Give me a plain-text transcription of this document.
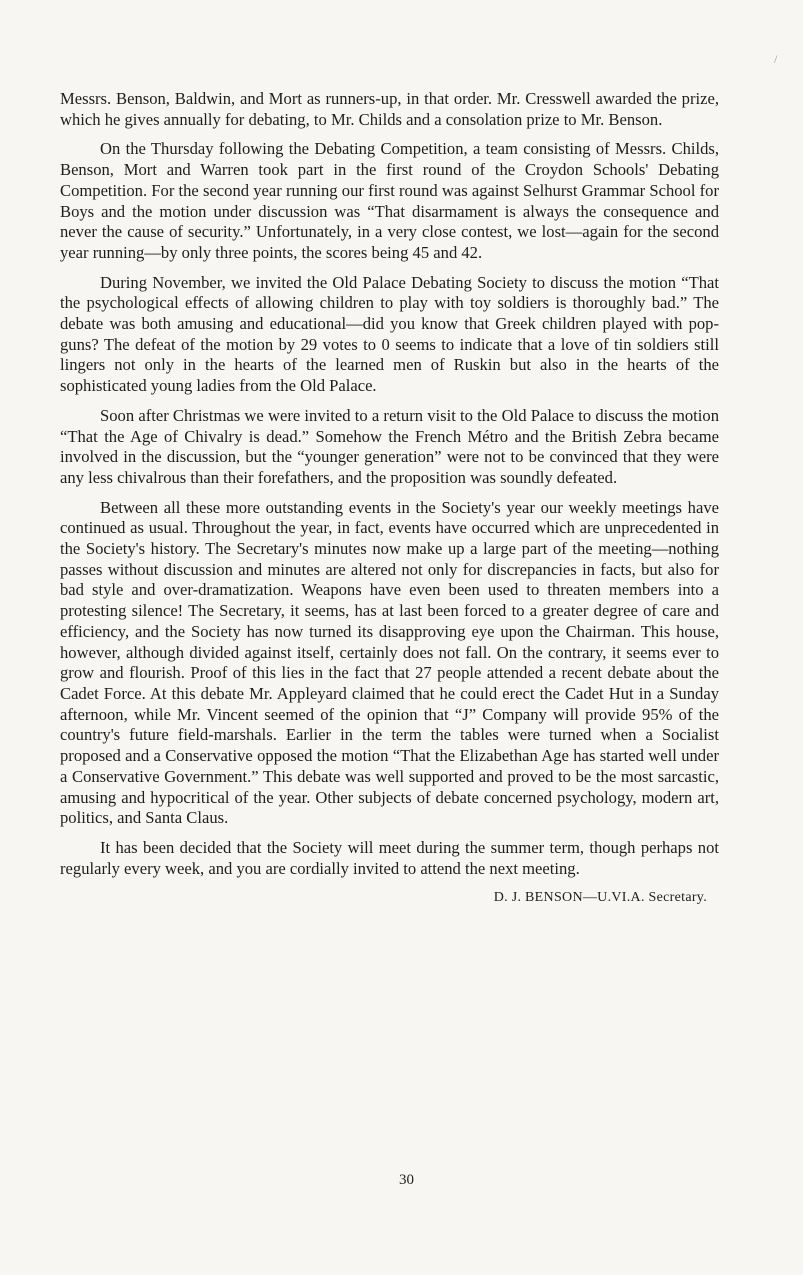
/

Messrs. Benson, Baldwin, and Mort as runners-up, in that order. Mr. Cresswell awarded the prize, which he gives annually for debating, to Mr. Childs and a consolation prize to Mr. Benson.

On the Thursday following the Debating Competition, a team consisting of Messrs. Childs, Benson, Mort and Warren took part in the first round of the Croydon Schools' Debating Competition. For the second year running our first round was against Selhurst Grammar School for Boys and the motion under discussion was “That disarmament is always the consequence and never the cause of security.” Unfortunately, in a very close contest, we lost—again for the second year running—by only three points, the scores being 45 and 42.

During November, we invited the Old Palace Debating Society to discuss the motion “That the psychological effects of allowing children to play with toy soldiers is thoroughly bad.” The debate was both amusing and educational—did you know that Greek children played with pop-guns? The defeat of the motion by 29 votes to 0 seems to indicate that a love of tin soldiers still lingers not only in the hearts of the learned men of Ruskin but also in the hearts of the sophisticated young ladies from the Old Palace.

Soon after Christmas we were invited to a return visit to the Old Palace to discuss the motion “That the Age of Chivalry is dead.” Somehow the French Métro and the British Zebra became involved in the discussion, but the “younger generation” were not to be convinced that they were any less chivalrous than their forefathers, and the proposition was soundly defeated.

Between all these more outstanding events in the Society's year our weekly meetings have continued as usual. Throughout the year, in fact, events have occurred which are unprecedented in the Society's history. The Secretary's minutes now make up a large part of the meeting—nothing passes without discussion and minutes are altered not only for discrepancies in facts, but also for bad style and over-dramatization. Weapons have even been used to threaten members into a protesting silence! The Secretary, it seems, has at last been forced to a greater degree of care and efficiency, and the Society has now turned its disapproving eye upon the Chairman. This house, however, although divided against itself, certainly does not fall. On the contrary, it seems ever to grow and flourish. Proof of this lies in the fact that 27 people attended a recent debate about the Cadet Force. At this debate Mr. Appleyard claimed that he could erect the Cadet Hut in a Sunday afternoon, while Mr. Vincent seemed of the opinion that “J” Company will provide 95% of the country's future field-marshals. Earlier in the term the tables were turned when a Socialist proposed and a Conservative opposed the motion “That the Elizabethan Age has started well under a Conservative Government.” This debate was well supported and proved to be the most sarcastic, amusing and hypocritical of the year. Other subjects of debate concerned psychology, modern art, politics, and Santa Claus.

It has been decided that the Society will meet during the summer term, though perhaps not regularly every week, and you are cordially invited to attend the next meeting.

D. J. BENSON—U.VI.A. Secretary.
30
